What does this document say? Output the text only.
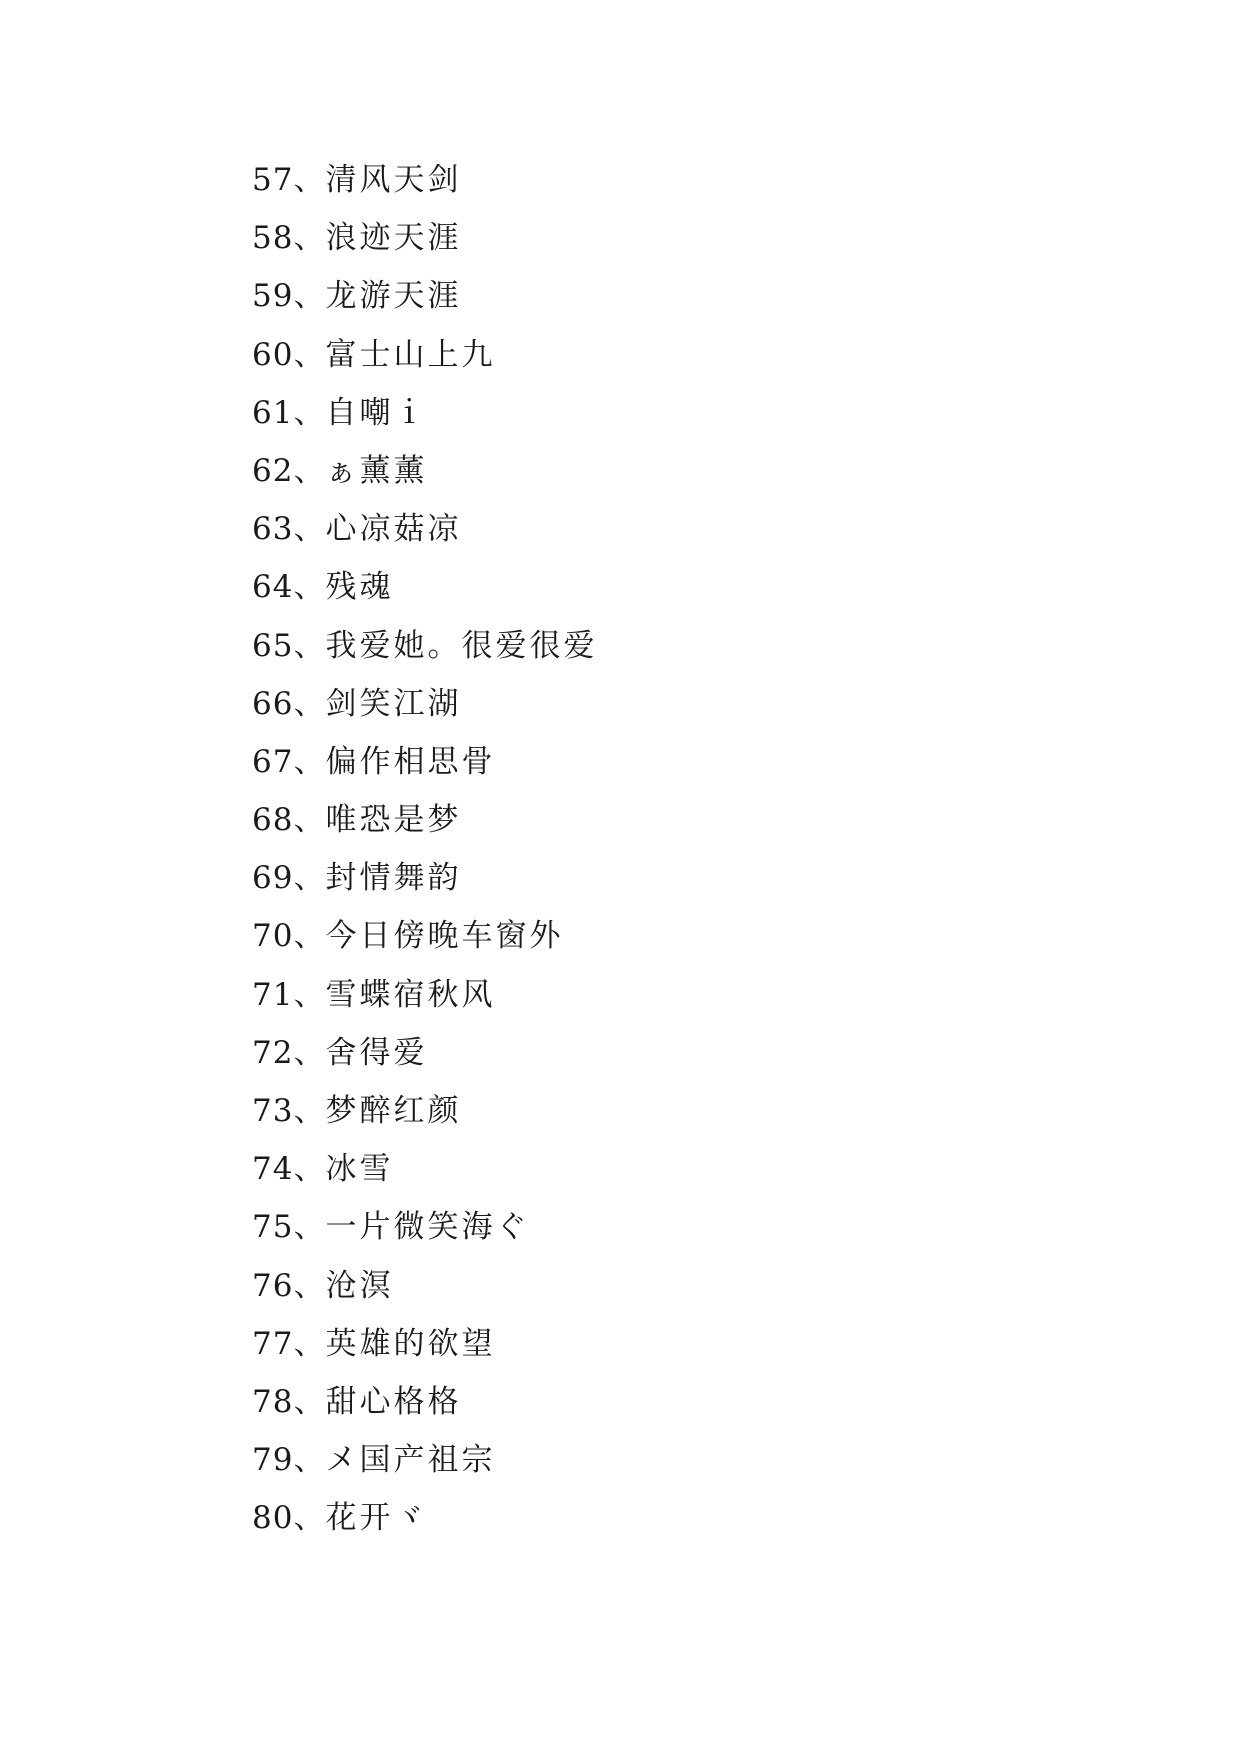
57、清风天剑
58、浪迹天涯
59、龙游天涯
60、富士山上九
61、自嘲ｉ
62、ぁ薰薰
63、心凉菇凉
64、残魂
65、我爱她。很爱很爱
66、剑笑江湖
67、偏作相思骨
68、唯恐是梦
69、封情舞韵
70、今日傍晚车窗外
71、雪蝶宿秋风
72、舍得爱
73、梦醉红颜
74、冰雪
75、一片微笑海ぐ
76、沧溟
77、英雄的欲望
78、甜心格格
79、メ国产祖宗
80、花开ヾ
